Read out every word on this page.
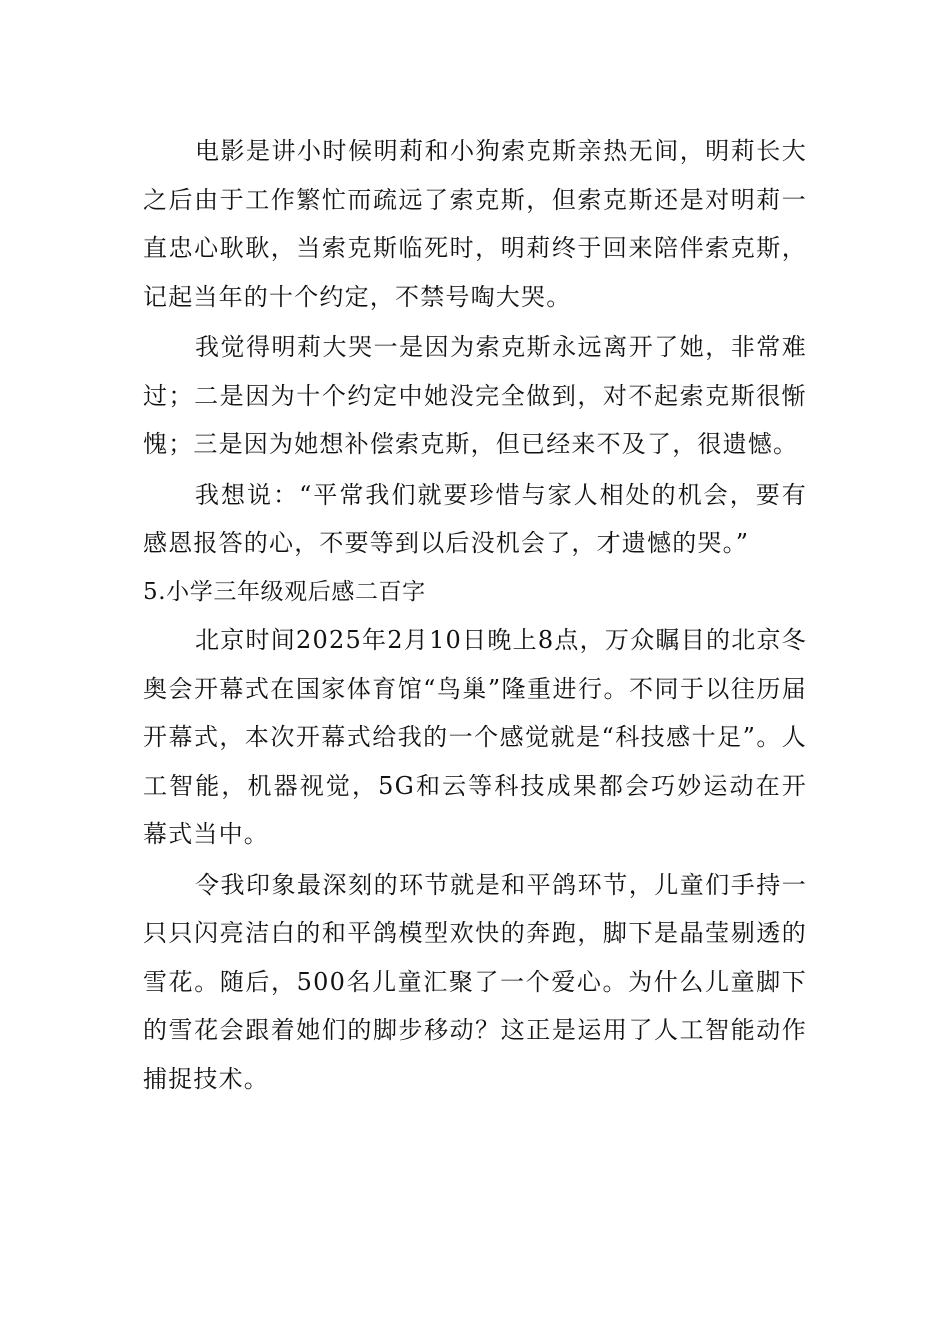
电影是讲小时候明莉和小狗索克斯亲热无间，明莉长大之后由于工作繁忙而疏远了索克斯，但索克斯还是对明莉一直忠心耿耿，当索克斯临死时，明莉终于回来陪伴索克斯，记起当年的十个约定，不禁号啕大哭。

我觉得明莉大哭一是因为索克斯永远离开了她，非常难过；二是因为十个约定中她没完全做到，对不起索克斯很惭愧；三是因为她想补偿索克斯，但已经来不及了，很遗憾。

我想说：“平常我们就要珍惜与家人相处的机会，要有感恩报答的心，不要等到以后没机会了，才遗憾的哭。”

5.小学三年级观后感二百字

北京时间2025年2月10日晚上8点，万众瞩目的北京冬奥会开幕式在国家体育馆“鸟巢”隆重进行。不同于以往历届开幕式，本次开幕式给我的一个感觉就是“科技感十足”。人工智能，机器视觉，5G和云等科技成果都会巧妙运动在开幕式当中。

令我印象最深刻的环节就是和平鸽环节，儿童们手持一只只闪亮洁白的和平鸽模型欢快的奔跑，脚下是晶莹剔透的雪花。随后，500名儿童汇聚了一个爱心。为什么儿童脚下的雪花会跟着她们的脚步移动？这正是运用了人工智能动作捕捉技术。
